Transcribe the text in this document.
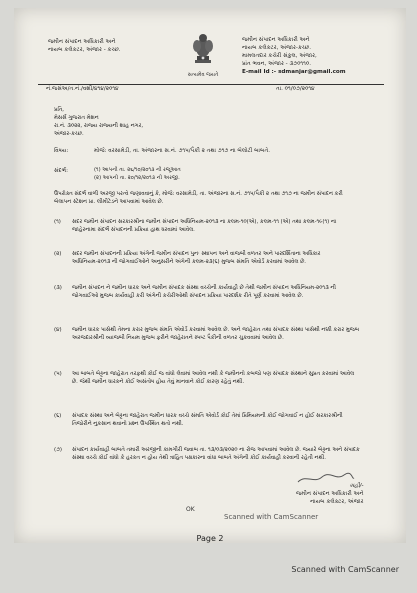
જમીન સંપાદન અધિકારી અને
નાયબ કલેકટર, અંજાર - કચ્છ.
સત્યમેવ જયતે
જમીન સંપાદન અધિકારી અને
નાયબ કલેકટર, અંજાર-કચ્છ.
મામલતદાર કચેરી સંકુલ, અંજાર,
પ્રાંત ભવન, અંજાર - ૩૭૦૧૧૦.
E-mail Id :- sdmanjar@gmail.com
નં.જસંઅ/ત.નં./વશી/૪૧૪/૨૦૧૪	તા. ૦૧/૦૭/૨૦૧૪
પ્રતિ,
મેસર્સ ગુજરાત મેશન
રા.નં. ૩૦૨૨, રાજ્ય રાજ્યની શાહ નગર,
અંજાર-કચ્છ.
વિષય:	મોજે: વરસામેડી, તા. અંજારના સ.નં. ૭૧૫/પૈકી ૨ તથા ૭૧૭ ના બેલોટી બાબતે.
સંદર્ભ:	(૧) આપની તા. ૨૬/૧૦/૨૦૧૩ ની રજૂઆત
(૨) આપની તા. ૨૦/૧૨/૨૦૧૩ ની અરજી.
ઉપરોક્ત સંદર્ભ વાળી અરજી પરત્વે જણાવવાનું કે, મોજે: વરસામેડી, તા. અંજારના સ.નં. ૭૧૫/પૈકી ૨ તથા ૭૧૭ ના જમીન સંપાદન કરી બેલાપન સ્ટેશન પ્રા. લીમીટેડને આપવામાં આવેલ છે.
(૧)	સદર જમીન સંપાદન સરકારશ્રીના જમીન સંપાદન અધિનિયમ-૨૦૧૩ ના કલમ-૧૦(એ), કલમ-૧૧ (એ) તથા કલમ-૧૯(૧) ના જાહેરનામા સંદર્ભે સંપાદનની પ્રક્રિયા હાથ ધરવામાં આવેલ.
(૨)	સદર જમીન સંપાદનની પ્રક્રિયા અંગેની જમીન સંપાદન પુનઃ સ્થાપન અને વાજબી વળતર અને પારદર્શિતાના અધિકાર અધિનિયમ-૨૦૧૩ ની જોગવાઈઓને અનુસરીને અંગેની કલમ-૨૩(૬) મુજબ સંમતિ એવોર્ડ કરવામાં આવેલ છે.
(૩)	જમીન સંપાદન ને જમીન ધારક અને જમીન સંપાદક સંસ્થા વચ્ચેની કાર્યવાહી છે તેથી જમીન સંપાદન અધિનિયમ-૨૦૧૩ ની જોગવાઈઓ મુજબ કાર્યવાહી કરી અંગેની કચેરીઓથી સંપાદન પ્રક્રિયા પારદર્શક રીતે પૂર્ણ કરવામાં આવેલ છે.
(૪)	જમીન ધારક પાસેથી તેમના કરાર મુજબ સંમતિ એવોર્ડ કરવામાં આવેલ છે. અને જાહેરાત તથા સંપાદક સંસ્થા પાસેથી નક્કી કરાર મુજબ અરજદારશ્રીની વ્યાજબી નિયમ મુજબ ફરીને જાહેરાતને સ્પષ્ટ પૈકીની વળતર ચુકવવામાં આવેલ છે.
(૫)	આ બાબતે બેટ્ટના જાહેરાત તરફથી કોઈ જ વાંધો લેવામાં આવેલ નથી કે જમીનનો કબજો પણ સંપાદક સંસ્થાને સુપ્રત કરવામાં આવેલ છે. જેથી જમીન ધારકને કોઈ અસંતોષ હોય તેવું માનવાને કોઈ કારણ રહેતું નથી.
(૬)	સંપાદક સંસ્થા અને બેટ્ટના જાહેરાત જમીન ધારક વચ્ચે સંમતિ એવોર્ડ કોઈ તેમાં પ્રિમિયમની કોઈ જોગવાઈ ન હોઈ સરકારશ્રીની તિજોરીને નુકસાન થવાનો પ્રશ્ન ઉપસ્થિત થતો નથી.
(૭)	સંપાદન કાર્યવાહી બાબતે તમારી અરજીની કામગીરી જવાબ તા. ૧૩/૦૩/૨૦૨૦ ના રોજ આપવામાં આવેલ છે. જયારે બેટ્ટના અને સંપાદક સંસ્થા વચ્ચે કોઈ વાંધો કે હરકત ન હોય તેથી ત્રાહિત પક્ષકારના વાંધા બાબતે અંગેની કોઈ કાર્યવાહી કરવાની રહેતી નથી.
સહી/-
જમીન સંપાદન અધિકારી અને
નાયબ કલેક્ટર, અંજાર
OK
Scanned with CamScanner
Page 2
Scanned with CamScanner
